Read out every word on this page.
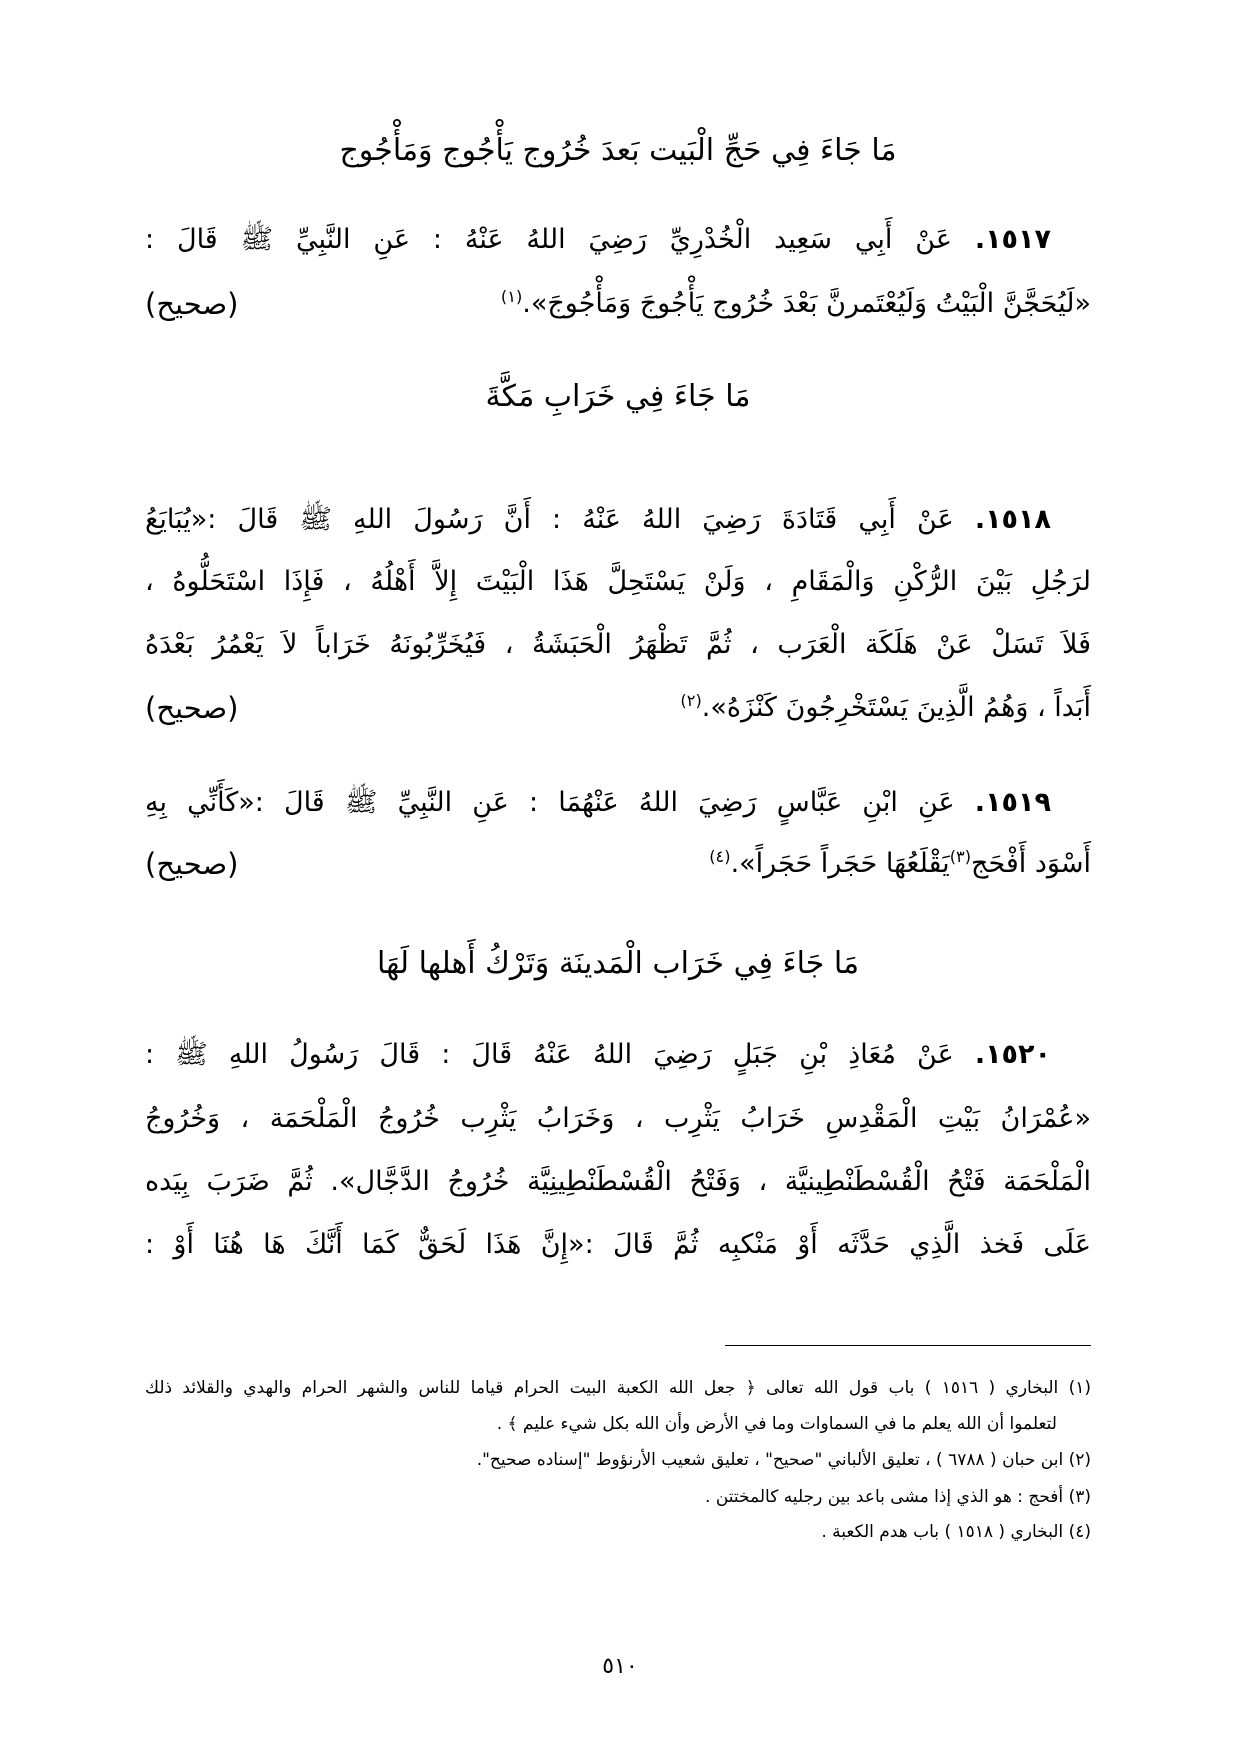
مَا جَاءَ فِي حَجِّ الْبَيت بَعدَ خُرُوج يَأْجُوج وَمَأْجُوج
١٥١٧. عَنْ أَبِي سَعِيد الْخُدْرِيِّ رَضِيَ اللهُ عَنْهُ : عَنِ النَّبِيِّ ﷺ قَالَ :
«لَيُحَجَّنَّ الْبَيْتُ وَلَيُعْتَمرنَّ بَعْدَ خُرُوج يَأْجُوجَ وَمَأْجُوجَ».$^{(١)}$
(صحيح)
مَا جَاءَ فِي خَرَابِ مَكَّةَ
١٥١٨. عَنْ أَبِي قَتَادَةَ رَضِيَ اللهُ عَنْهُ : أَنَّ رَسُولَ اللهِ ﷺ قَالَ :«يُبَايَعُ
لرَجُلِ بَيْنَ الرُّكْنِ وَالْمَقَامِ ، وَلَنْ يَسْتَحِلَّ هَذَا الْبَيْتَ إِلاَّ أَهْلُهُ ، فَإِذَا اسْتَحَلُّوهُ ،
فَلاَ تَسَلْ عَنْ هَلَكَة الْعَرَب ، ثُمَّ تَظْهَرُ الْحَبَشَةُ ، فَيُخَرِّبُونَهُ خَرَاباً لاَ يَعْمُرُ بَعْدَهُ
أَبَداً ، وَهُمُ الَّذِينَ يَسْتَخْرِجُونَ كَنْزَهُ».$^{(٢)}$
(صحيح)
١٥١٩. عَنِ ابْنِ عَبَّاسٍ رَضِيَ اللهُ عَنْهُمَا : عَنِ النَّبِيِّ ﷺ قَالَ :«كَأَنِّي بِهِ
أَسْوَد أَفْحَج$^{(٣)}$يَقْلَعُهَا حَجَراً حَجَراً».$^{(٤)}$
(صحيح)
مَا جَاءَ فِي خَرَاب الْمَدينَة وَتَرْكُ أَهلها لَهَا
١٥٢٠. عَنْ مُعَاذِ بْنِ جَبَلٍ رَضِيَ اللهُ عَنْهُ قَالَ : قَالَ رَسُولُ اللهِ ﷺ :
«عُمْرَانُ بَيْتِ الْمَقْدِسِ خَرَابُ يَثْرِب ، وَخَرَابُ يَثْرِب خُرُوجُ الْمَلْحَمَة ، وَخُرُوجُ
الْمَلْحَمَة فَتْحُ الْقُسْطَنْطِينيَّة ، وَفَتْحُ الْقُسْطَنْطِينِيَّة خُرُوجُ الدَّجَّال». ثُمَّ ضَرَبَ بِيَده
عَلَى فَخذ الَّذِي حَدَّثَه أَوْ مَنْكبِه ثُمَّ قَالَ :«إِنَّ هَذَا لَحَقٌّ كَمَا أَنَّكَ هَا هُنَا أَوْ :
(١) البخاري ( ١٥١٦ ) باب قول الله تعالى ﴿ جعل الله الكعبة البيت الحرام قياما للناس والشهر الحرام والهدي والقلائد ذلك
لتعلموا أن الله يعلم ما في السماوات وما في الأرض وأن الله بكل شيء عليم ﴾ .
(٢) ابن حبان ( ٦٧٨٨ ) ، تعليق الألباني "صحيح" ، تعليق شعيب الأرنؤوط "إسناده صحيح".
(٣) أفحج : هو الذي إذا مشى باعد بين رجليه كالمختتن .
(٤) البخاري ( ١٥١٨ ) باب هدم الكعبة .
٥١٠
